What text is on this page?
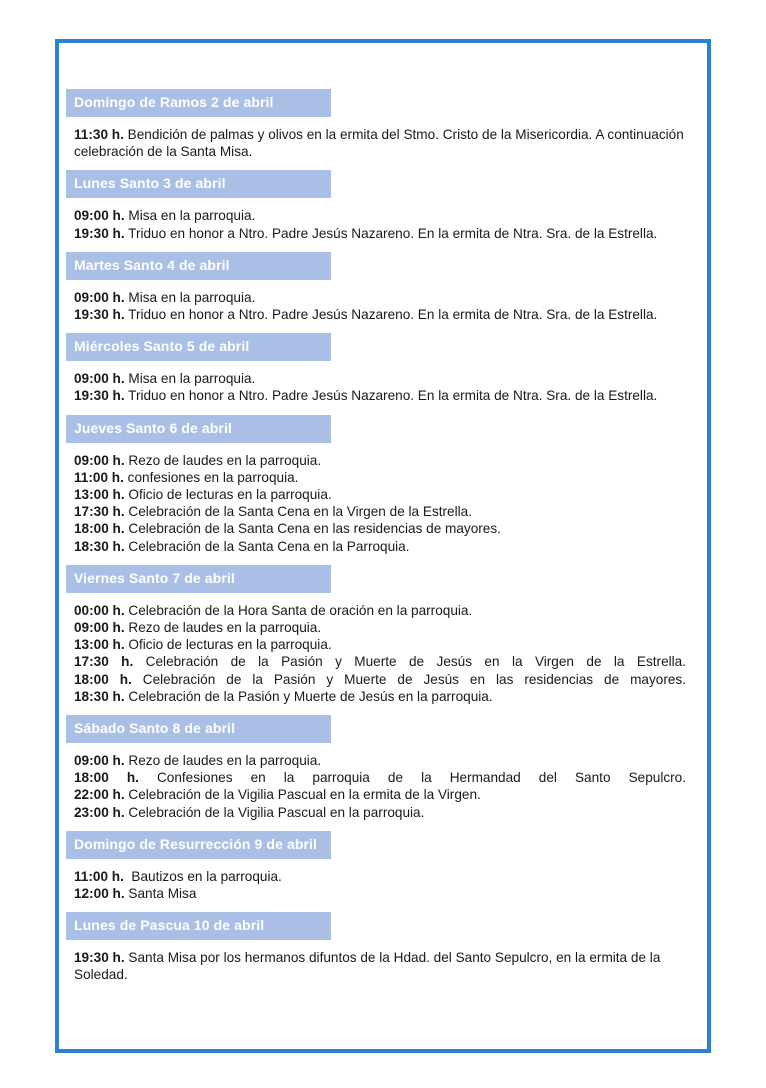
Domingo de Ramos 2 de abril

11:30 h. Bendición de palmas y olivos en la ermita del Stmo. Cristo de la Misericordia. A continuación celebración de la Santa Misa.

Lunes Santo 3 de abril

09:00 h. Misa en la parroquia.

19:30 h. Triduo en honor a Ntro. Padre Jesús Nazareno. En la ermita de Ntra. Sra. de la Estrella.

Martes Santo 4 de abril

09:00 h. Misa en la parroquia.

19:30 h. Triduo en honor a Ntro. Padre Jesús Nazareno. En la ermita de Ntra. Sra. de la Estrella.

Miércoles Santo 5 de abril

09:00 h. Misa en la parroquia.

19:30 h. Triduo en honor a Ntro. Padre Jesús Nazareno. En la ermita de Ntra. Sra. de la Estrella.

Jueves Santo 6 de abril

09:00 h. Rezo de laudes en la parroquia.

11:00 h. confesiones en la parroquia.

13:00 h. Oficio de lecturas en la parroquia.

17:30 h. Celebración de la Santa Cena en la Virgen de la Estrella.

18:00 h. Celebración de la Santa Cena en las residencias de mayores.

18:30 h. Celebración de la Santa Cena en la Parroquia.

Viernes Santo 7 de abril

00:00 h. Celebración de la Hora Santa de oración en la parroquia.

09:00 h. Rezo de laudes en la parroquia.

13:00 h. Oficio de lecturas en la parroquia.

17:30 h. Celebración de la Pasión y Muerte de Jesús en la Virgen de la Estrella.

18:00 h. Celebración de la Pasión y Muerte de Jesús en las residencias de mayores.

18:30 h. Celebración de la Pasión y Muerte de Jesús en la parroquia.

Sábado Santo 8 de abril

09:00 h. Rezo de laudes en la parroquia.

18:00 h. Confesiones en la parroquia de la Hermandad del Santo Sepulcro.

22:00 h. Celebración de la Vigilia Pascual en la ermita de la Virgen.

23:00 h. Celebración de la Vigilia Pascual en la parroquia.

Domingo de Resurrección 9 de abril

11:00 h.  Bautizos en la parroquia.

12:00 h. Santa Misa

Lunes de Pascua 10 de abril

19:30 h. Santa Misa por los hermanos difuntos de la Hdad. del Santo Sepulcro, en la ermita de la Soledad.
